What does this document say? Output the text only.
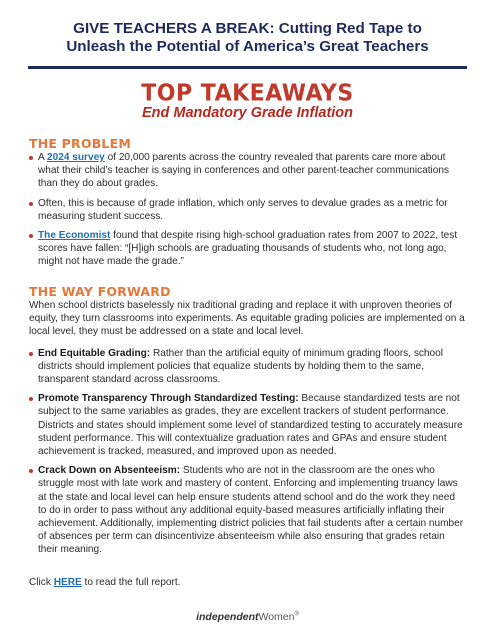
GIVE TEACHERS A BREAK: Cutting Red Tape to
Unleash the Potential of America’s Great Teachers
TOP TAKEAWAYS
End Mandatory Grade Inflation
THE PROBLEM

A 2024 survey of 20,000 parents across the country revealed that parents care more about what their child’s teacher is saying in conferences and other parent-teacher communications than they do about grades.

Often, this is because of grade inflation, which only serves to devalue grades as a metric for measuring student success.

The Economist found that despite rising high-school graduation rates from 2007 to 2022, test scores have fallen: “[H]igh schools are graduating thousands of students who, not long ago, might not have made the grade.”

THE WAY FORWARD

When school districts baselessly nix traditional grading and replace it with unproven theories of equity, they turn classrooms into experiments. As equitable grading policies are implemented on a local level, they must be addressed on a state and local level.

End Equitable Grading: Rather than the artificial equity of minimum grading floors, school districts should implement policies that equalize students by holding them to the same, transparent standard across classrooms.

Promote Transparency Through Standardized Testing: Because standardized tests are not subject to the same variables as grades, they are excellent trackers of student performance. Districts and states should implement some level of standardized testing to accurately measure student performance. This will contextualize graduation rates and GPAs and ensure student achievement is tracked, measured, and improved upon as needed.

Crack Down on Absenteeism: Students who are not in the classroom are the ones who struggle most with late work and mastery of content. Enforcing and implementing truancy laws at the state and local level can help ensure students attend school and do the work they need to do in order to pass without any additional equity-based measures artificially inflating their achievement. Additionally, implementing district policies that fail students after a certain number of absences per term can disincentivize absenteeism while also ensuring that grades retain their meaning.

Click HERE to read the full report.
independentWomen®
